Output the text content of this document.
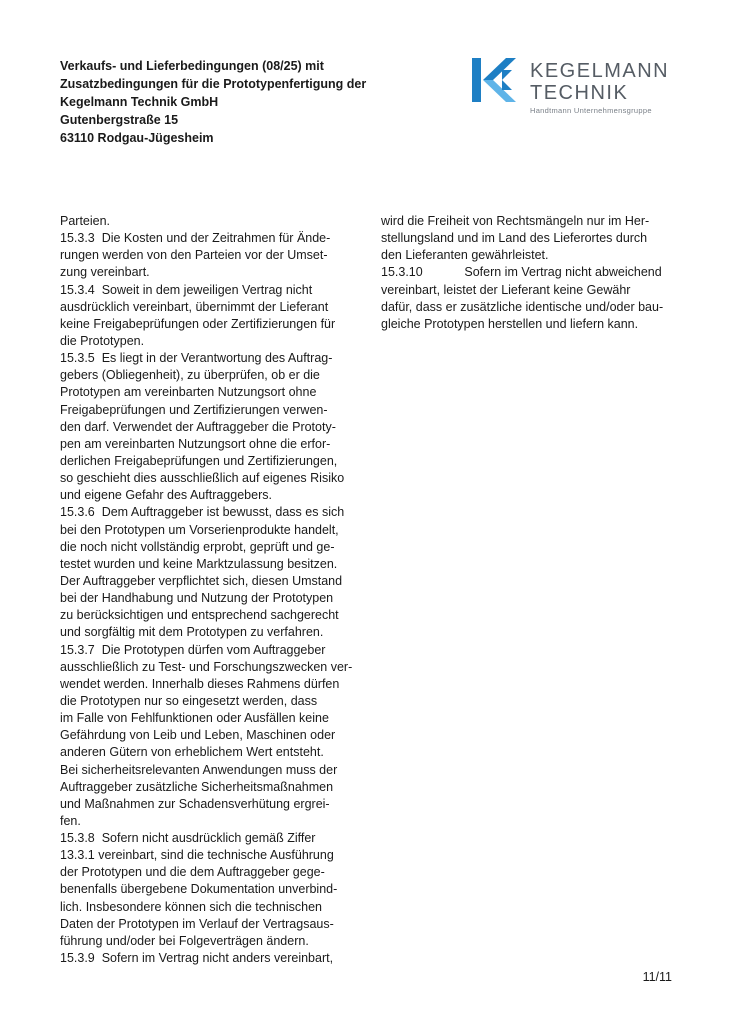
Verkaufs- und Lieferbedingungen (08/25) mit
Zusatzbedingungen für die Prototypenfertigung der
Kegelmann Technik GmbH
Gutenbergstraße 15
63110 Rodgau-Jügesheim
KEGELMANN
TECHNIK
Handtmann Unternehmensgruppe
Parteien.
15.3.3  Die Kosten und der Zeitrahmen für Ände-
rungen werden von den Parteien vor der Umset-
zung vereinbart.
15.3.4  Soweit in dem jeweiligen Vertrag nicht
ausdrücklich vereinbart, übernimmt der Lieferant
keine Freigabeprüfungen oder Zertifizierungen für
die Prototypen.
15.3.5  Es liegt in der Verantwortung des Auftrag-
gebers (Obliegenheit), zu überprüfen, ob er die
Prototypen am vereinbarten Nutzungsort ohne
Freigabeprüfungen und Zertifizierungen verwen-
den darf. Verwendet der Auftraggeber die Prototy-
pen am vereinbarten Nutzungsort ohne die erfor-
derlichen Freigabeprüfungen und Zertifizierungen,
so geschieht dies ausschließlich auf eigenes Risiko
und eigene Gefahr des Auftraggebers.
15.3.6  Dem Auftraggeber ist bewusst, dass es sich
bei den Prototypen um Vorserienprodukte handelt,
die noch nicht vollständig erprobt, geprüft und ge-
testet wurden und keine Marktzulassung besitzen.
Der Auftraggeber verpflichtet sich, diesen Umstand
bei der Handhabung und Nutzung der Prototypen
zu berücksichtigen und entsprechend sachgerecht
und sorgfältig mit dem Prototypen zu verfahren.
15.3.7  Die Prototypen dürfen vom Auftraggeber
ausschließlich zu Test- und Forschungszwecken ver-
wendet werden. Innerhalb dieses Rahmens dürfen
die Prototypen nur so eingesetzt werden, dass
im Falle von Fehlfunktionen oder Ausfällen keine
Gefährdung von Leib und Leben, Maschinen oder
anderen Gütern von erheblichem Wert entsteht.
Bei sicherheitsrelevanten Anwendungen muss der
Auftraggeber zusätzliche Sicherheitsmaßnahmen
und Maßnahmen zur Schadensverhütung ergrei-
fen.
15.3.8  Sofern nicht ausdrücklich gemäß Ziffer
13.3.1 vereinbart, sind die technische Ausführung
der Prototypen und die dem Auftraggeber gege-
benenfalls übergebene Dokumentation unverbind-
lich. Insbesondere können sich die technischen
Daten der Prototypen im Verlauf der Vertragsaus-
führung und/oder bei Folgeverträgen ändern.
15.3.9  Sofern im Vertrag nicht anders vereinbart,
wird die Freiheit von Rechtsmängeln nur im Her-
stellungsland und im Land des Lieferortes durch
den Lieferanten gewährleistet.
15.3.10            Sofern im Vertrag nicht abweichend
vereinbart, leistet der Lieferant keine Gewähr
dafür, dass er zusätzliche identische und/oder bau-
gleiche Prototypen herstellen und liefern kann.
11/11
